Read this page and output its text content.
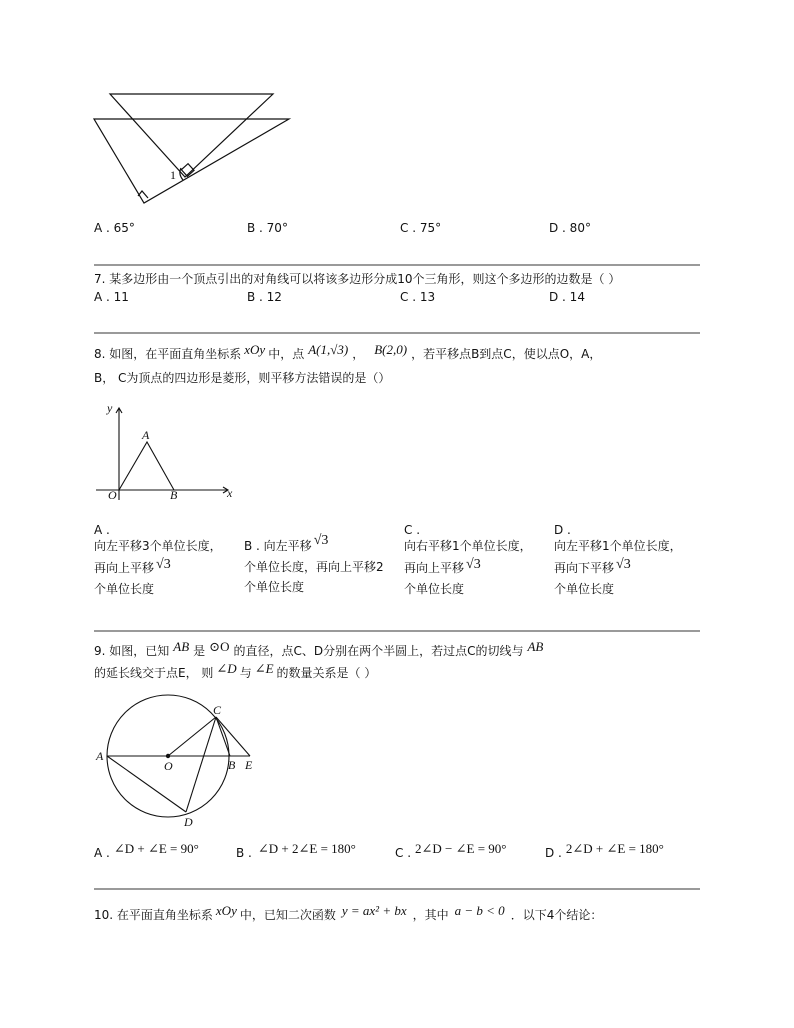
1
A . 65°	B . 70°	C . 75°	D . 80°
7. 某多边形由一个顶点引出的对角线可以将该多边形分成10个三角形，则这个多边形的边数是（ ）
A . 11	B . 12	C . 13	D . 14
8. 如图，在平面直角坐标系 xOy 中，点 A(1,√3) ， B(2,0) ，若平移点B到点C，使以点O，A，
B， C为顶点的四边形是菱形，则平移方法错误的是（）
y
x
O
A
B
A .
向左平移3个单位长度，
再向上平移 √3
个单位长度
B . 向左平移 √3
个单位长度，再向上平移2
个单位长度
C .
向右平移1个单位长度，
再向上平移 √3
个单位长度
D .
向左平移1个单位长度，
再向下平移 √3
个单位长度
9. 如图，已知 AB 是 ⊙O 的直径，点C、D分别在两个半圆上，若过点C的切线与 AB
的延长线交于点E， 则 ∠D 与 ∠E 的数量关系是（ ）
A
O	B E
C
D
A . ∠D + ∠E = 90°	B . ∠D + 2∠E = 180°	C . 2∠D − ∠E = 90°	D . 2∠D + ∠E = 180°
10. 在平面直角坐标系 xOy 中，已知二次函数 y = ax² + bx ，其中 a − b < 0 ．以下4个结论：
